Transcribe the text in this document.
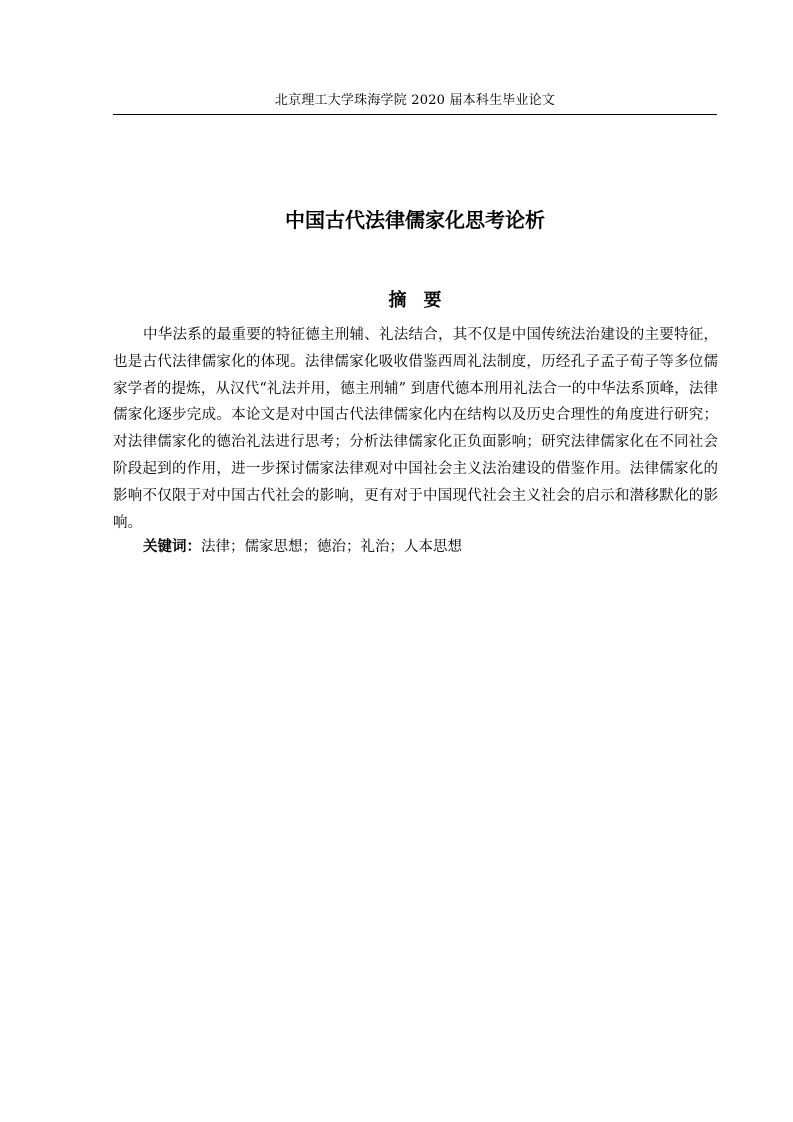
北京理工大学珠海学院 2020 届本科生毕业论文
中国古代法律儒家化思考论析
摘要

中华法系的最重要的特征德主刑辅、礼法结合，其不仅是中国传统法治建设的主要特征，也是古代法律儒家化的体现。法律儒家化吸收借鉴西周礼法制度，历经孔子孟子荀子等多位儒家学者的提炼，从汉代“礼法并用，德主刑辅” 到唐代德本刑用礼法合一的中华法系顶峰，法律儒家化逐步完成。本论文是对中国古代法律儒家化内在结构以及历史合理性的角度进行研究；对法律儒家化的德治礼法进行思考；分析法律儒家化正负面影响；研究法律儒家化在不同社会阶段起到的作用，进一步探讨儒家法律观对中国社会主义法治建设的借鉴作用。法律儒家化的影响不仅限于对中国古代社会的影响，更有对于中国现代社会主义社会的启示和潜移默化的影响。

关键词：法律；儒家思想；德治；礼治；人本思想
